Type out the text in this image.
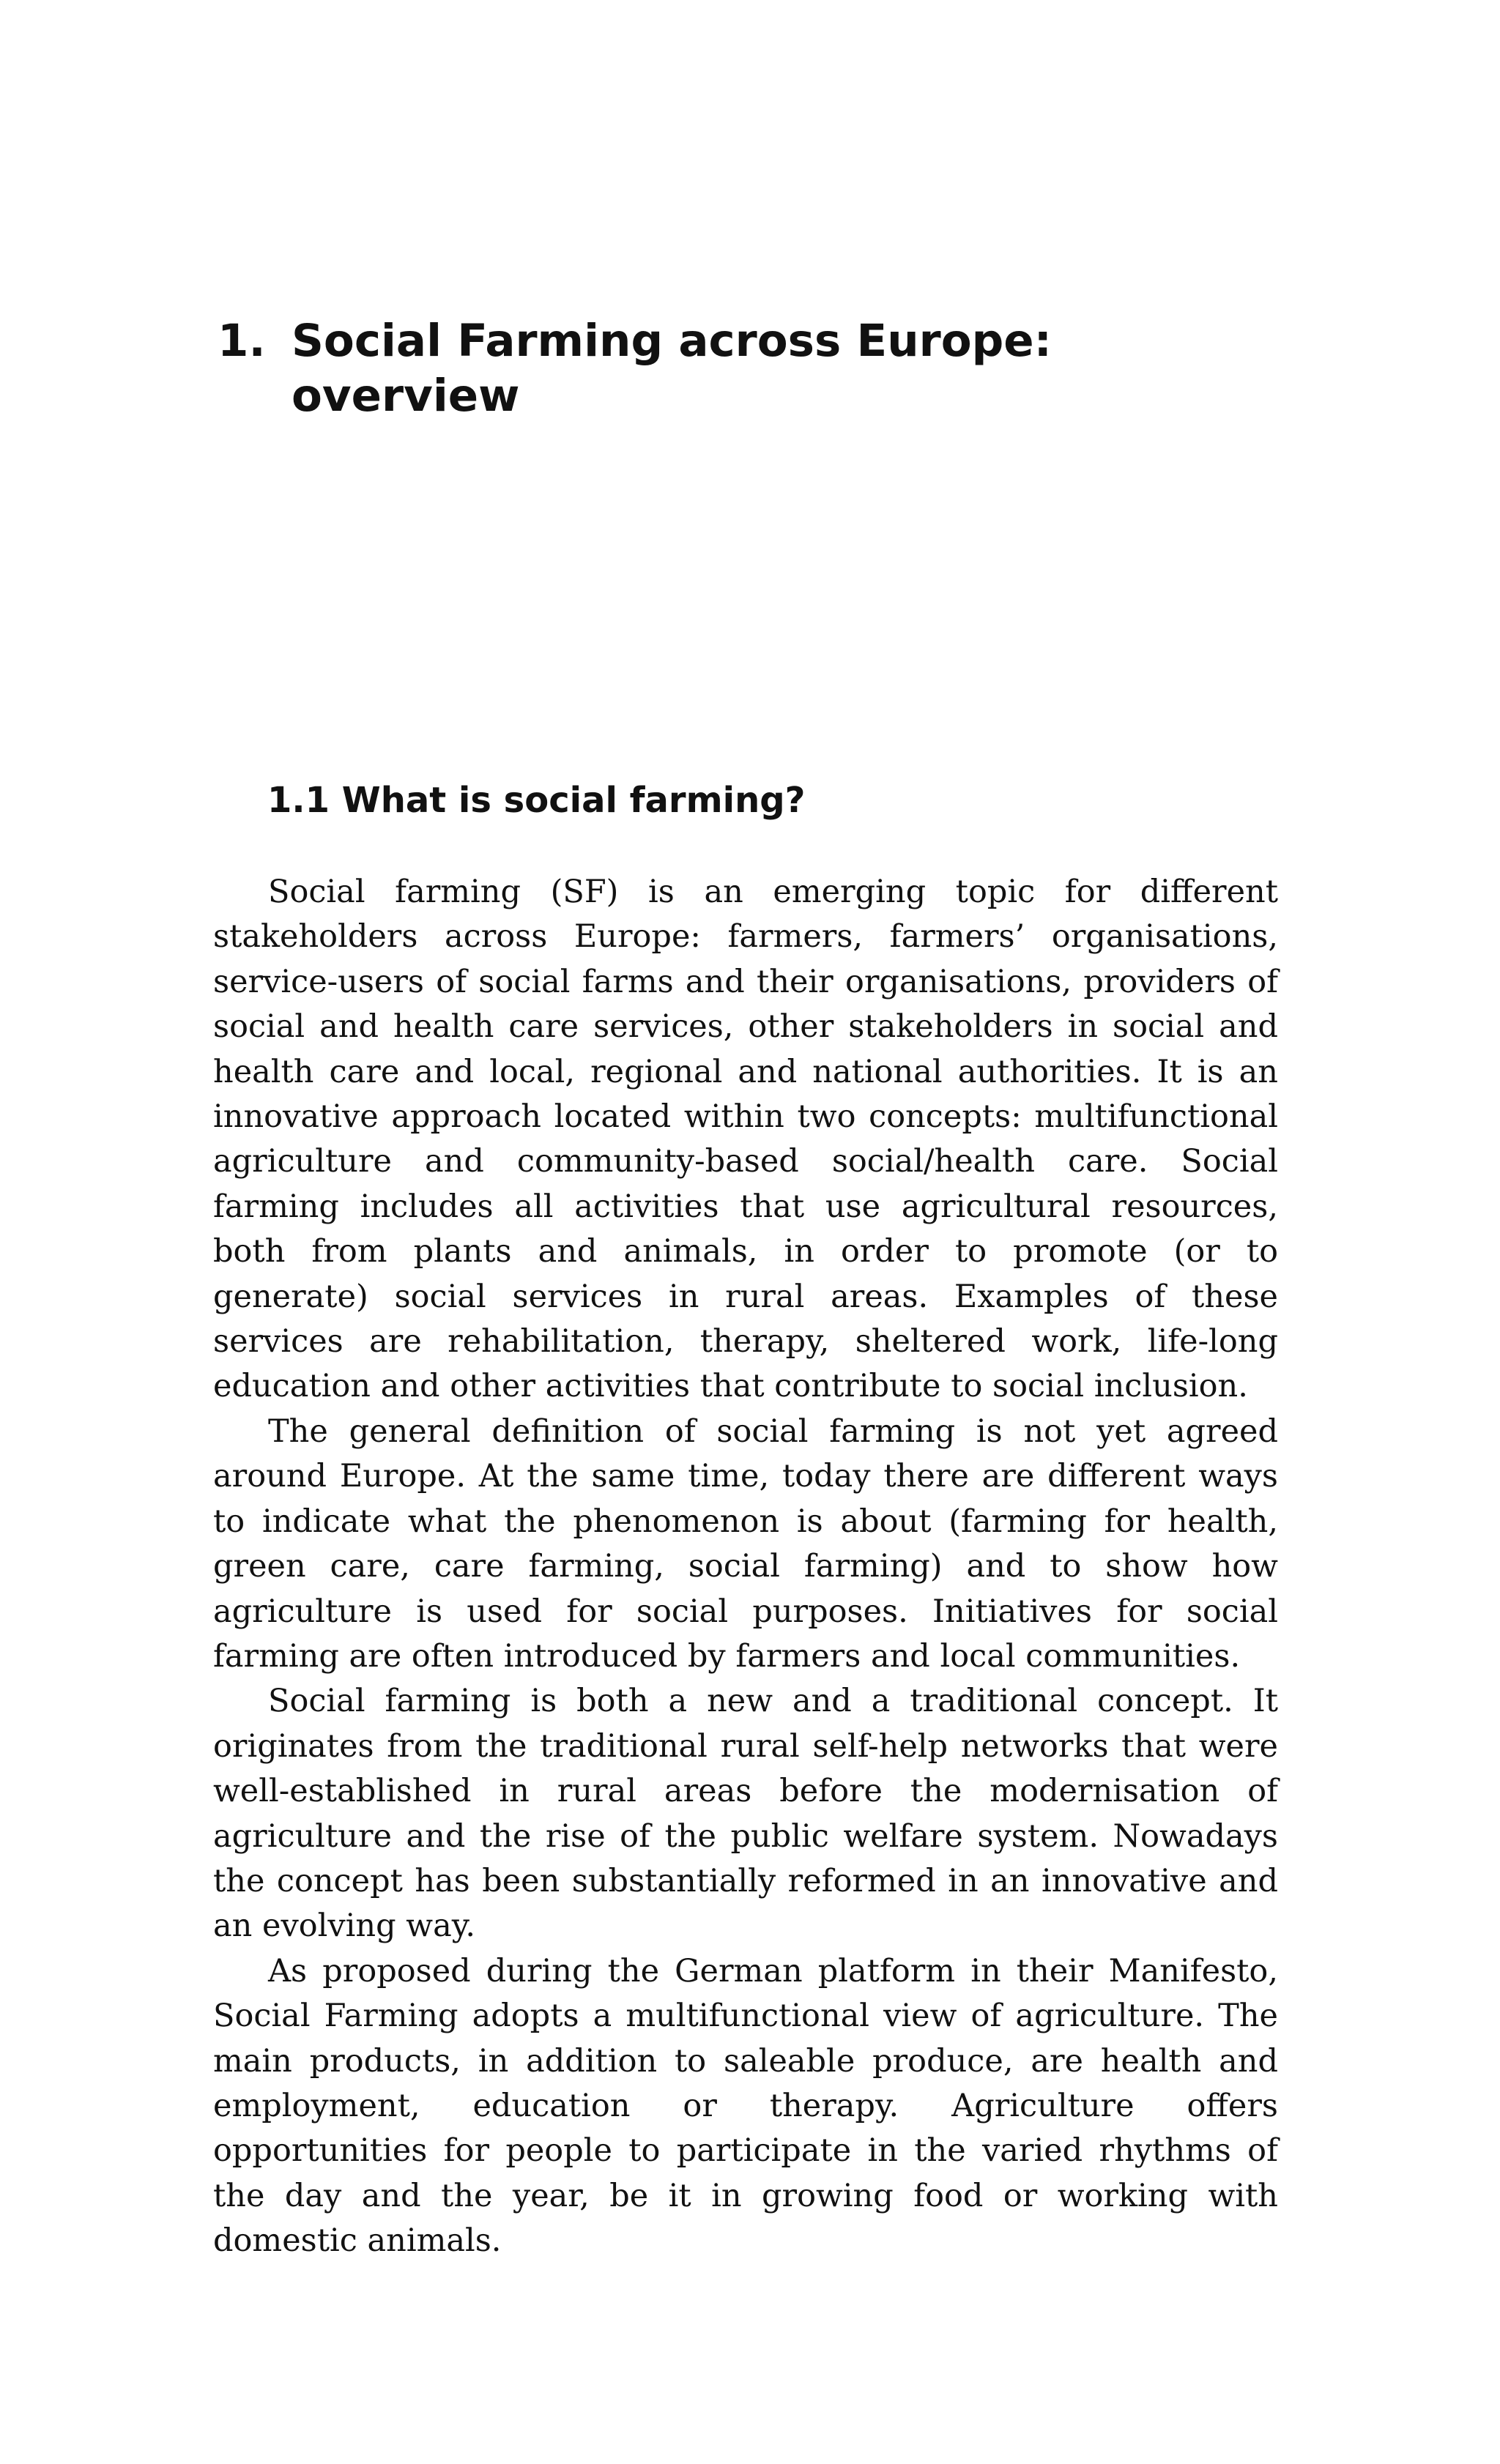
1. Social Farming across Europe: overview
1.1 What is social farming?

Social farming (SF) is an emerging topic for different stakeholders across Europe: farmers, farmers’ organisations, service-users of social farms and their organisations, providers of social and health care services, other stakeholders in social and health care and local, regional and national authorities. It is an innovative approach located within two concepts: multifunctional agriculture and community-based social/health care. Social farming includes all activities that use agricultural resources, both from plants and animals, in order to promote (or to generate) social services in rural areas. Examples of these services are rehabilitation, therapy, sheltered work, life-long education and other activities that contribute to social inclusion.

The general definition of social farming is not yet agreed around Europe. At the same time, today there are different ways to indicate what the phenomenon is about (farming for health, green care, care farming, social farming) and to show how agriculture is used for social purposes. Initiatives for social farming are often introduced by farmers and local communities.

Social farming is both a new and a traditional concept. It originates from the traditional rural self-help networks that were well-established in rural areas before the modernisation of agriculture and the rise of the public welfare system. Nowadays the concept has been substantially reformed in an innovative and an evolving way.

As proposed during the German platform in their Manifesto, Social Farming adopts a multifunctional view of agriculture. The main products, in addition to saleable produce, are health and employment, education or therapy. Agriculture offers opportunities for people to participate in the varied rhythms of the day and the year, be it in growing food or working with domestic animals.
